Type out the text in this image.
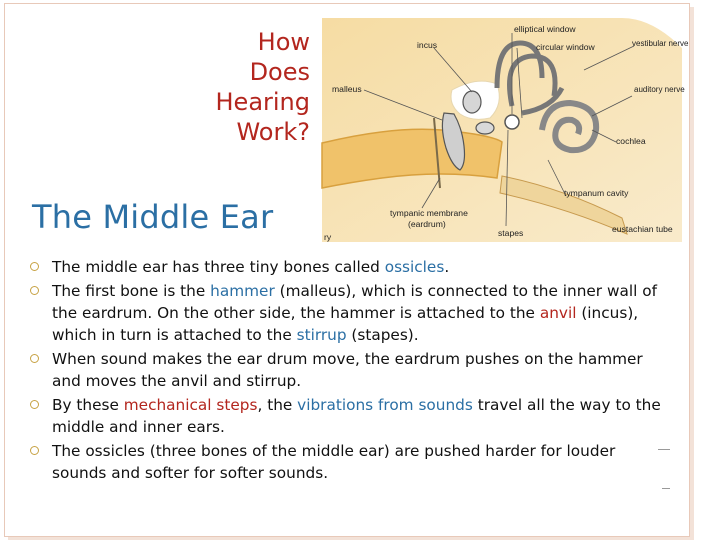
How
Does
Hearing
Work?
elliptical window
incus	circular window	vestibular nerve
malleus	auditory nerve
cochlea
tympanum cavity
tympanic membrane
(eardrum)
stapes	eustachian tube
ry
The Middle Ear
The middle ear has three tiny bones called ossicles.
The first bone is the hammer (malleus), which is connected to the inner wall of the eardrum. On the other side, the hammer is attached to the anvil (incus), which in turn is attached to the stirrup (stapes).
When sound makes the ear drum move, the eardrum pushes on the hammer and moves the anvil and stirrup.
By these mechanical steps, the vibrations from sounds travel all the way to the middle and inner ears.
The ossicles (three bones of the middle ear) are pushed harder for louder sounds and softer for softer sounds.
